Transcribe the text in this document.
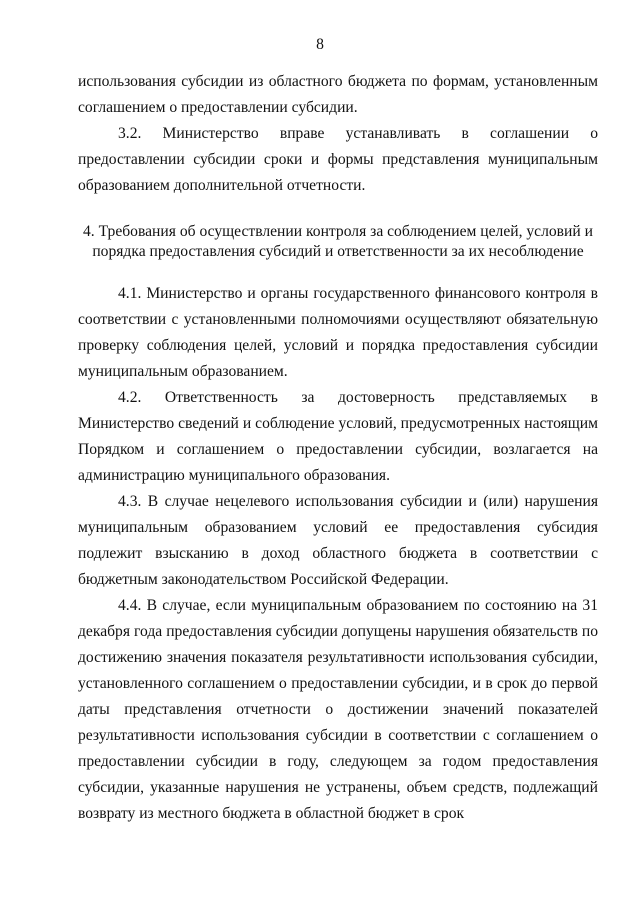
8

использования субсидии из областного бюджета по формам, установленным соглашением о предоставлении субсидии.

3.2. Министерство вправе устанавливать в соглашении о предоставлении субсидии сроки и формы представления муниципальным образованием дополнительной отчетности.

4. Требования об осуществлении контроля за соблюдением целей, условий и порядка предоставления субсидий и ответственности за их несоблюдение

4.1. Министерство и органы государственного финансового контроля в соответствии с установленными полномочиями осуществляют обязательную проверку соблюдения целей, условий и порядка предоставления субсидии муниципальным образованием.

4.2. Ответственность за достоверность представляемых в Министерство сведений и соблюдение условий, предусмотренных настоящим Порядком и соглашением о предоставлении субсидии, возлагается на администрацию муниципального образования.

4.3. В случае нецелевого использования субсидии и (или) нарушения муниципальным образованием условий ее предоставления субсидия подлежит взысканию в доход областного бюджета в соответствии с бюджетным законодательством Российской Федерации.

4.4. В случае, если муниципальным образованием по состоянию на 31 декабря года предоставления субсидии допущены нарушения обязательств по достижению значения показателя результативности использования субсидии, установленного соглашением о предоставлении субсидии, и в срок до первой даты представления отчетности о достижении значений показателей результативности использования субсидии в соответствии с соглашением о предоставлении субсидии в году, следующем за годом предоставления субсидии, указанные нарушения не устранены, объем средств, подлежащий возврату из местного бюджета в областной бюджет в срок
